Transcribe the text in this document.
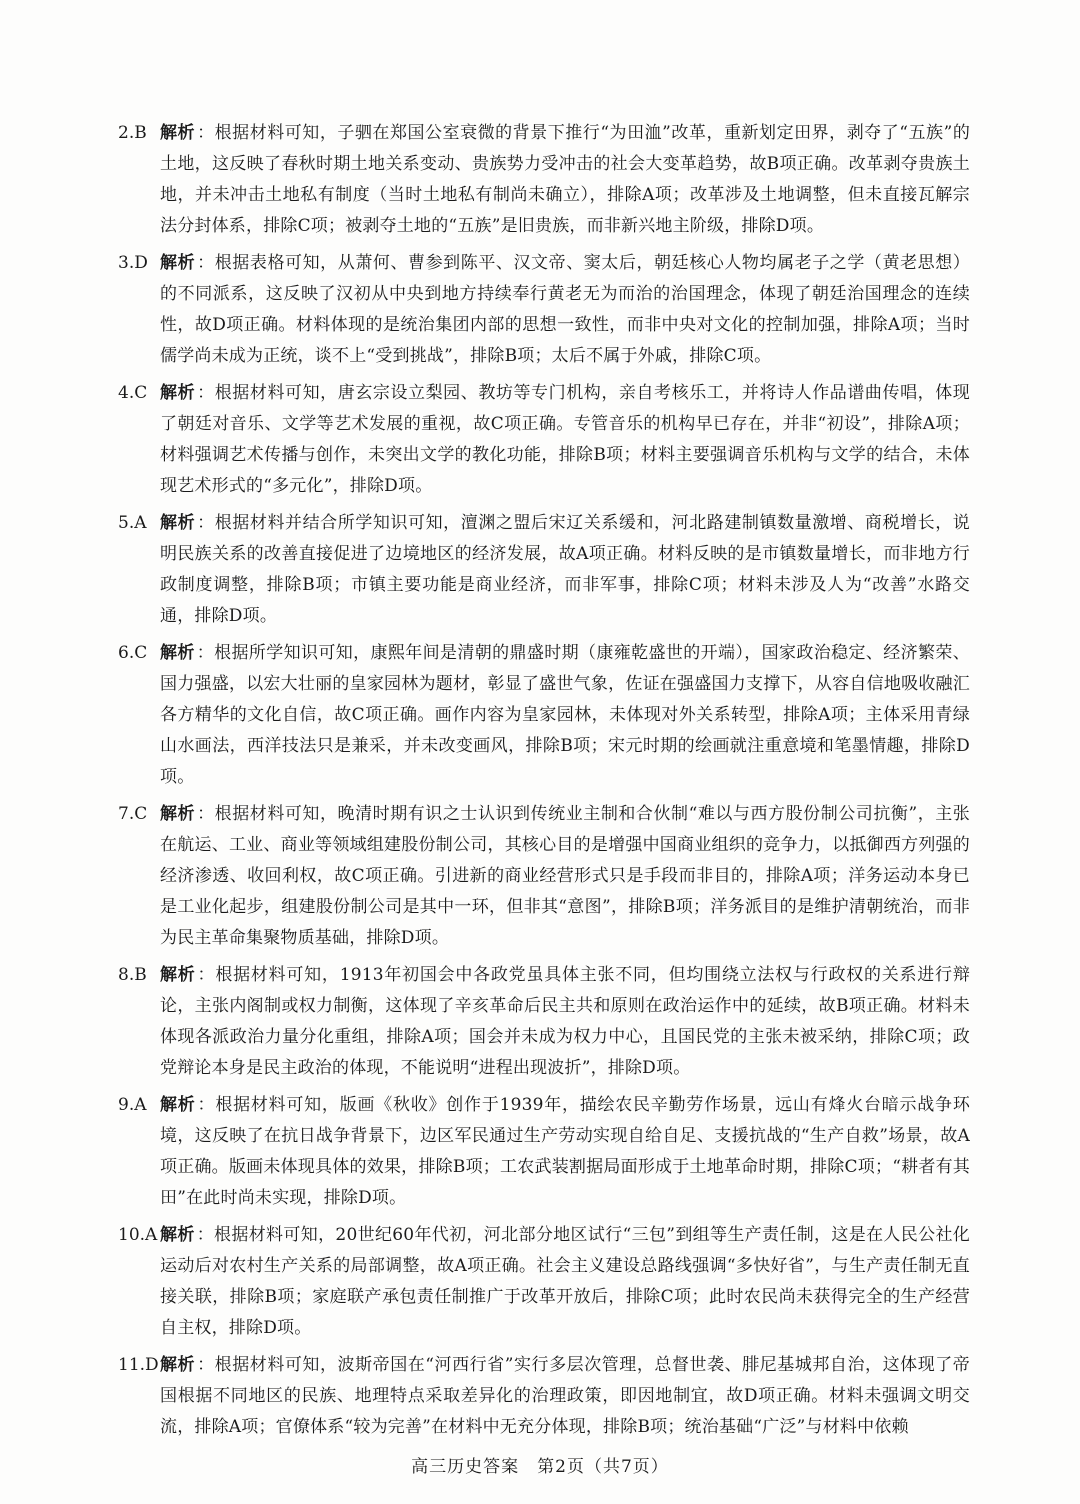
2.B 解析 ：根据材料可知，子驷在郑国公室衰微的背景下推行“为田洫”改革，重新划定田界，剥夺了“五族”的土地，这反映了春秋时期土地关系变动、贵族势力受冲击的社会大变革趋势，故B项正确。改革剥夺贵族土地，并未冲击土地私有制度（当时土地私有制尚未确立），排除A项；改革涉及土地调整，但未直接瓦解宗法分封体系，排除C项；被剥夺土地的“五族”是旧贵族，而非新兴地主阶级，排除D项。
3.D 解析 ：根据表格可知，从萧何、曹参到陈平、汉文帝、窦太后，朝廷核心人物均属老子之学（黄老思想）的不同派系，这反映了汉初从中央到地方持续奉行黄老无为而治的治国理念，体现了朝廷治国理念的连续性，故D项正确。材料体现的是统治集团内部的思想一致性，而非中央对文化的控制加强，排除A项；当时儒学尚未成为正统，谈不上“受到挑战”，排除B项；太后不属于外戚，排除C项。
4.C 解析 ：根据材料可知，唐玄宗设立梨园、教坊等专门机构，亲自考核乐工，并将诗人作品谱曲传唱，体现了朝廷对音乐、文学等艺术发展的重视，故C项正确。专管音乐的机构早已存在，并非“初设”，排除A项；材料强调艺术传播与创作，未突出文学的教化功能，排除B项；材料主要强调音乐机构与文学的结合，未体现艺术形式的“多元化”，排除D项。
5.A 解析 ：根据材料并结合所学知识可知，澶渊之盟后宋辽关系缓和，河北路建制镇数量激增、商税增长，说明民族关系的改善直接促进了边境地区的经济发展，故A项正确。材料反映的是市镇数量增长，而非地方行政制度调整，排除B项；市镇主要功能是商业经济，而非军事，排除C项；材料未涉及人为“改善”水路交通，排除D项。
6.C 解析 ：根据所学知识可知，康熙年间是清朝的鼎盛时期（康雍乾盛世的开端），国家政治稳定、经济繁荣、国力强盛，以宏大壮丽的皇家园林为题材，彰显了盛世气象，佐证在强盛国力支撑下，从容自信地吸收融汇各方精华的文化自信，故C项正确。画作内容为皇家园林，未体现对外关系转型，排除A项；主体采用青绿山水画法，西洋技法只是兼采，并未改变画风，排除B项；宋元时期的绘画就注重意境和笔墨情趣，排除D项。
7.C 解析 ：根据材料可知，晚清时期有识之士认识到传统业主制和合伙制“难以与西方股份制公司抗衡”，主张在航运、工业、商业等领域组建股份制公司，其核心目的是增强中国商业组织的竞争力，以抵御西方列强的经济渗透、收回利权，故C项正确。引进新的商业经营形式只是手段而非目的，排除A项；洋务运动本身已是工业化起步，组建股份制公司是其中一环，但非其“意图”，排除B项；洋务派目的是维护清朝统治，而非为民主革命集聚物质基础，排除D项。
8.B 解析 ：根据材料可知，1913年初国会中各政党虽具体主张不同，但均围绕立法权与行政权的关系进行辩论，主张内阁制或权力制衡，这体现了辛亥革命后民主共和原则在政治运作中的延续，故B项正确。材料未体现各派政治力量分化重组，排除A项；国会并未成为权力中心，且国民党的主张未被采纳，排除C项；政党辩论本身是民主政治的体现，不能说明“进程出现波折”，排除D项。
9.A 解析 ：根据材料可知，版画《秋收》创作于1939年，描绘农民辛勤劳作场景，远山有烽火台暗示战争环境，这反映了在抗日战争背景下，边区军民通过生产劳动实现自给自足、支援抗战的“生产自救”场景，故A项正确。版画未体现具体的效果，排除B项；工农武装割据局面形成于土地革命时期，排除C项；“耕者有其田”在此时尚未实现，排除D项。
10.A 解析 ：根据材料可知，20世纪60年代初，河北部分地区试行“三包”到组等生产责任制，这是在人民公社化运动后对农村生产关系的局部调整，故A项正确。社会主义建设总路线强调“多快好省”，与生产责任制无直接关联，排除B项；家庭联产承包责任制推广于改革开放后，排除C项；此时农民尚未获得完全的生产经营自主权，排除D项。
11.D 解析 ：根据材料可知，波斯帝国在“河西行省”实行多层次管理，总督世袭、腓尼基城邦自治，这体现了帝国根据不同地区的民族、地理特点采取差异化的治理政策，即因地制宜，故D项正确。材料未强调文明交流，排除A项；官僚体系“较为完善”在材料中无充分体现，排除B项；统治基础“广泛”与材料中依赖
高三历史答案　第2页（共7页）
